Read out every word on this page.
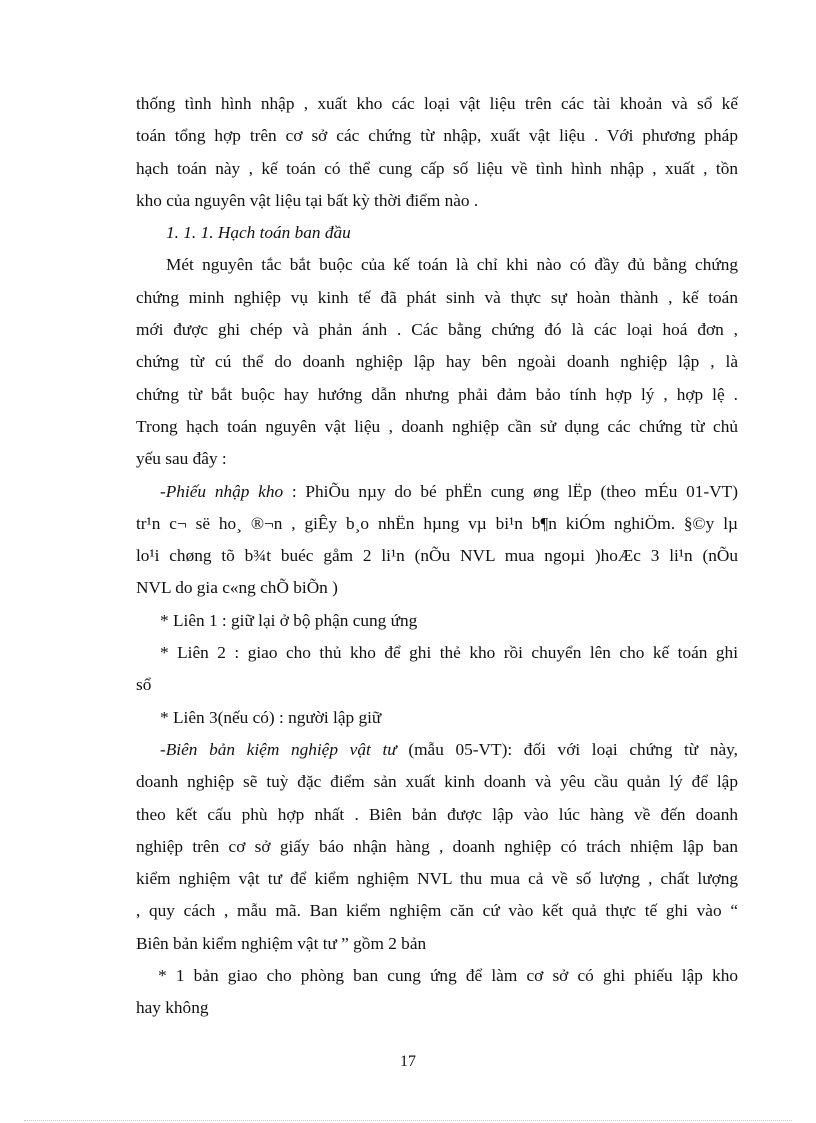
thống tình hình nhập , xuất kho các loại vật liệu trên các tài khoản và sổ kế
toán tổng hợp trên cơ sở các chứng từ nhập, xuất vật liệu . Với phương pháp
hạch toán này , kế toán có thể cung cấp số liệu về tình hình nhập , xuất , tồn
kho của nguyên vật liệu tại bất kỳ thời điểm nào .
1. 1. 1. Hạch toán ban đầu
Mét nguyên tắc bắt buộc của kế toán là chỉ khi nào có đầy đủ bằng chứng
chứng minh nghiệp vụ kinh tế đã phát sinh và thực sự hoàn thành , kế toán
mới được ghi chép và phản ánh . Các bằng chứng đó là các loại hoá đơn ,
chứng từ cú thể do doanh nghiệp lập hay bên ngoài doanh nghiệp lập , là
chứng từ bắt buộc hay hướng dẫn nhưng phải đảm bảo tính hợp lý , hợp lệ .
Trong hạch toán nguyên vật liệu , doanh nghiệp cần sử dụng các chứng từ chủ
yếu sau đây :
-Phiếu nhập kho : PhiÕu nµy do bé phËn cung øng lËp (theo mÉu 01-VT)
tr¹n c¬ së ho¸ ®¬n , giÊy b¸o nhËn hµng vµ bi¹n b¶n kiÓm nghiÖm. §©y lµ
lo¹i chøng tõ b¾t buéc gåm 2 li¹n (nÕu NVL mua ngoµi )hoÆc 3 li¹n (nÕu
NVL do gia c«ng chÕ biÕn )
* Liên 1 : giữ lại ở bộ phận cung ứng
* Liên 2 : giao cho thủ kho để ghi thẻ kho rồi chuyển lên cho kế toán ghi
sổ
* Liên 3(nếu có) : người lập giữ
-Biên bản kiệm nghiệp vật tư (mẫu 05-VT): đối với loại chứng từ này,
doanh nghiệp sẽ tuỳ đặc điểm sản xuất kinh doanh và yêu cầu quản lý để lập
theo kết cấu phù hợp nhất . Biên bản được lập vào lúc hàng về đến doanh
nghiệp trên cơ sở giấy báo nhận hàng , doanh nghiệp có trách nhiệm lập ban
kiểm nghiệm vật tư để kiểm nghiệm NVL thu mua cả về số lượng , chất lượng
, quy cách , mẫu mã. Ban kiểm nghiệm căn cứ vào kết quả thực tế ghi vào “
Biên bản kiểm nghiệm vật tư ” gồm 2 bản
* 1 bản giao cho phòng ban cung ứng để làm cơ sở có ghi phiếu lập kho
hay không
17
